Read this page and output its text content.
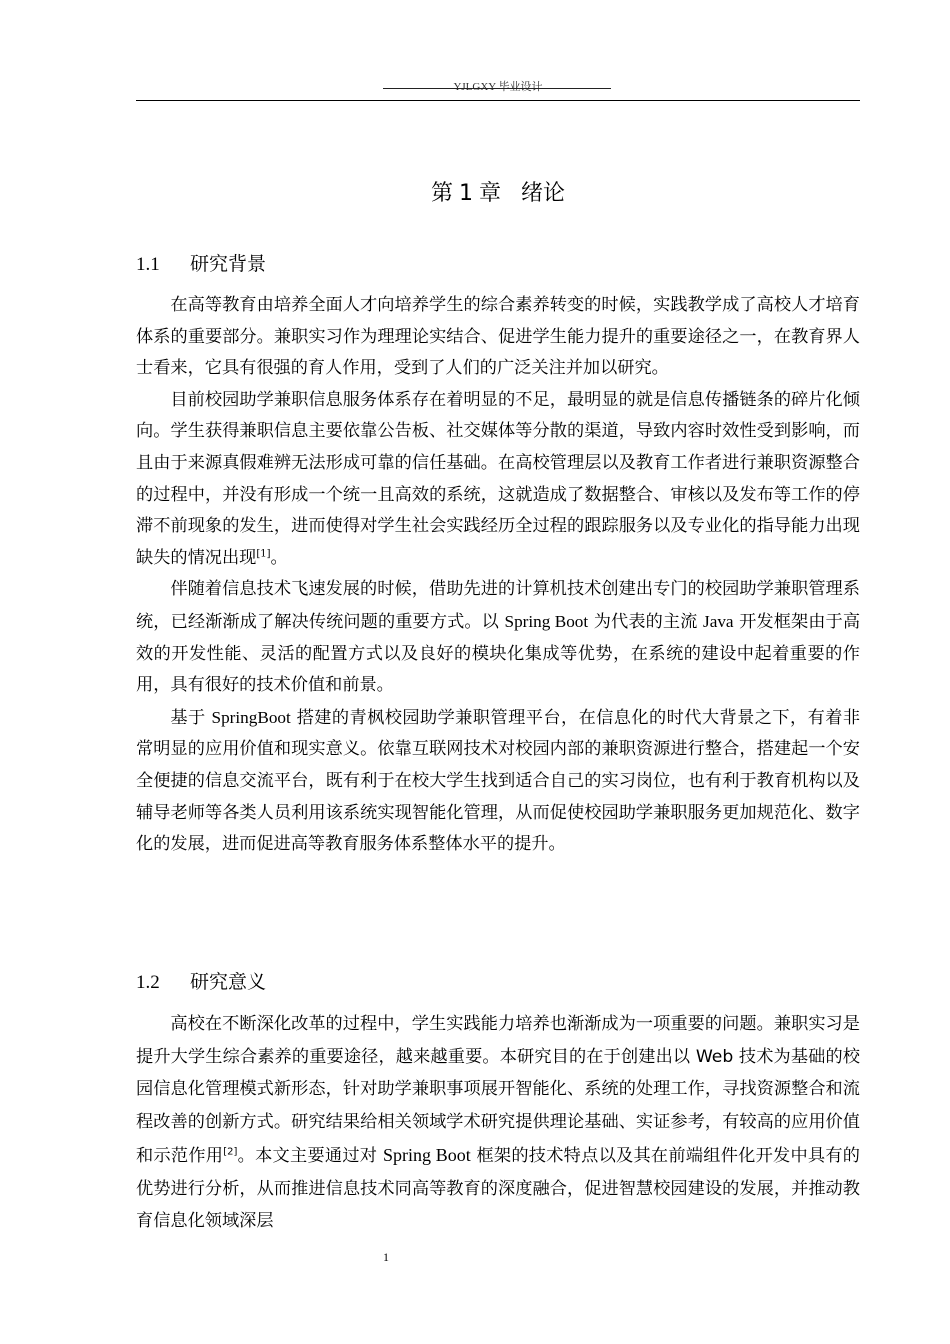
YJLGXY 毕业设计
第 1 章 绪论
1.1 研究背景

在高等教育由培养全面人才向培养学生的综合素养转变的时候，实践教学成了高校人才培育体系的重要部分。兼职实习作为理理论实结合、促进学生能力提升的重要途径之一，在教育界人士看来，它具有很强的育人作用，受到了人们的广泛关注并加以研究。

目前校园助学兼职信息服务体系存在着明显的不足，最明显的就是信息传播链条的碎片化倾向。学生获得兼职信息主要依靠公告板、社交媒体等分散的渠道，导致内容时效性受到影响，而且由于来源真假难辨无法形成可靠的信任基础。在高校管理层以及教育工作者进行兼职资源整合的过程中，并没有形成一个统一且高效的系统，这就造成了数据整合、审核以及发布等工作的停滞不前现象的发生，进而使得对学生社会实践经历全过程的跟踪服务以及专业化的指导能力出现缺失的情况出现[1]。

伴随着信息技术飞速发展的时候，借助先进的计算机技术创建出专门的校园助学兼职管理系统，已经渐渐成了解决传统问题的重要方式。以 Spring Boot 为代表的主流 Java 开发框架由于高效的开发性能、灵活的配置方式以及良好的模块化集成等优势，在系统的建设中起着重要的作用，具有很好的技术价值和前景。

基于 SpringBoot 搭建的青枫校园助学兼职管理平台，在信息化的时代大背景之下，有着非常明显的应用价值和现实意义。依靠互联网技术对校园内部的兼职资源进行整合，搭建起一个安全便捷的信息交流平台，既有利于在校大学生找到适合自己的实习岗位，也有利于教育机构以及辅导老师等各类人员利用该系统实现智能化管理，从而促使校园助学兼职服务更加规范化、数字化的发展，进而促进高等教育服务体系整体水平的提升。

1.2 研究意义

高校在不断深化改革的过程中，学生实践能力培养也渐渐成为一项重要的问题。兼职实习是提升大学生综合素养的重要途径，越来越重要。本研究目的在于创建出以 Web 技术为基础的校园信息化管理模式新形态，针对助学兼职事项展开智能化、系统的处理工作，寻找资源整合和流程改善的创新方式。研究结果给相关领域学术研究提供理论基础、实证参考，有较高的应用价值和示范作用[2]。本文主要通过对 Spring Boot 框架的技术特点以及其在前端组件化开发中具有的优势进行分析，从而推进信息技术同高等教育的深度融合，促进智慧校园建设的发展，并推动教育信息化领域深层

1
